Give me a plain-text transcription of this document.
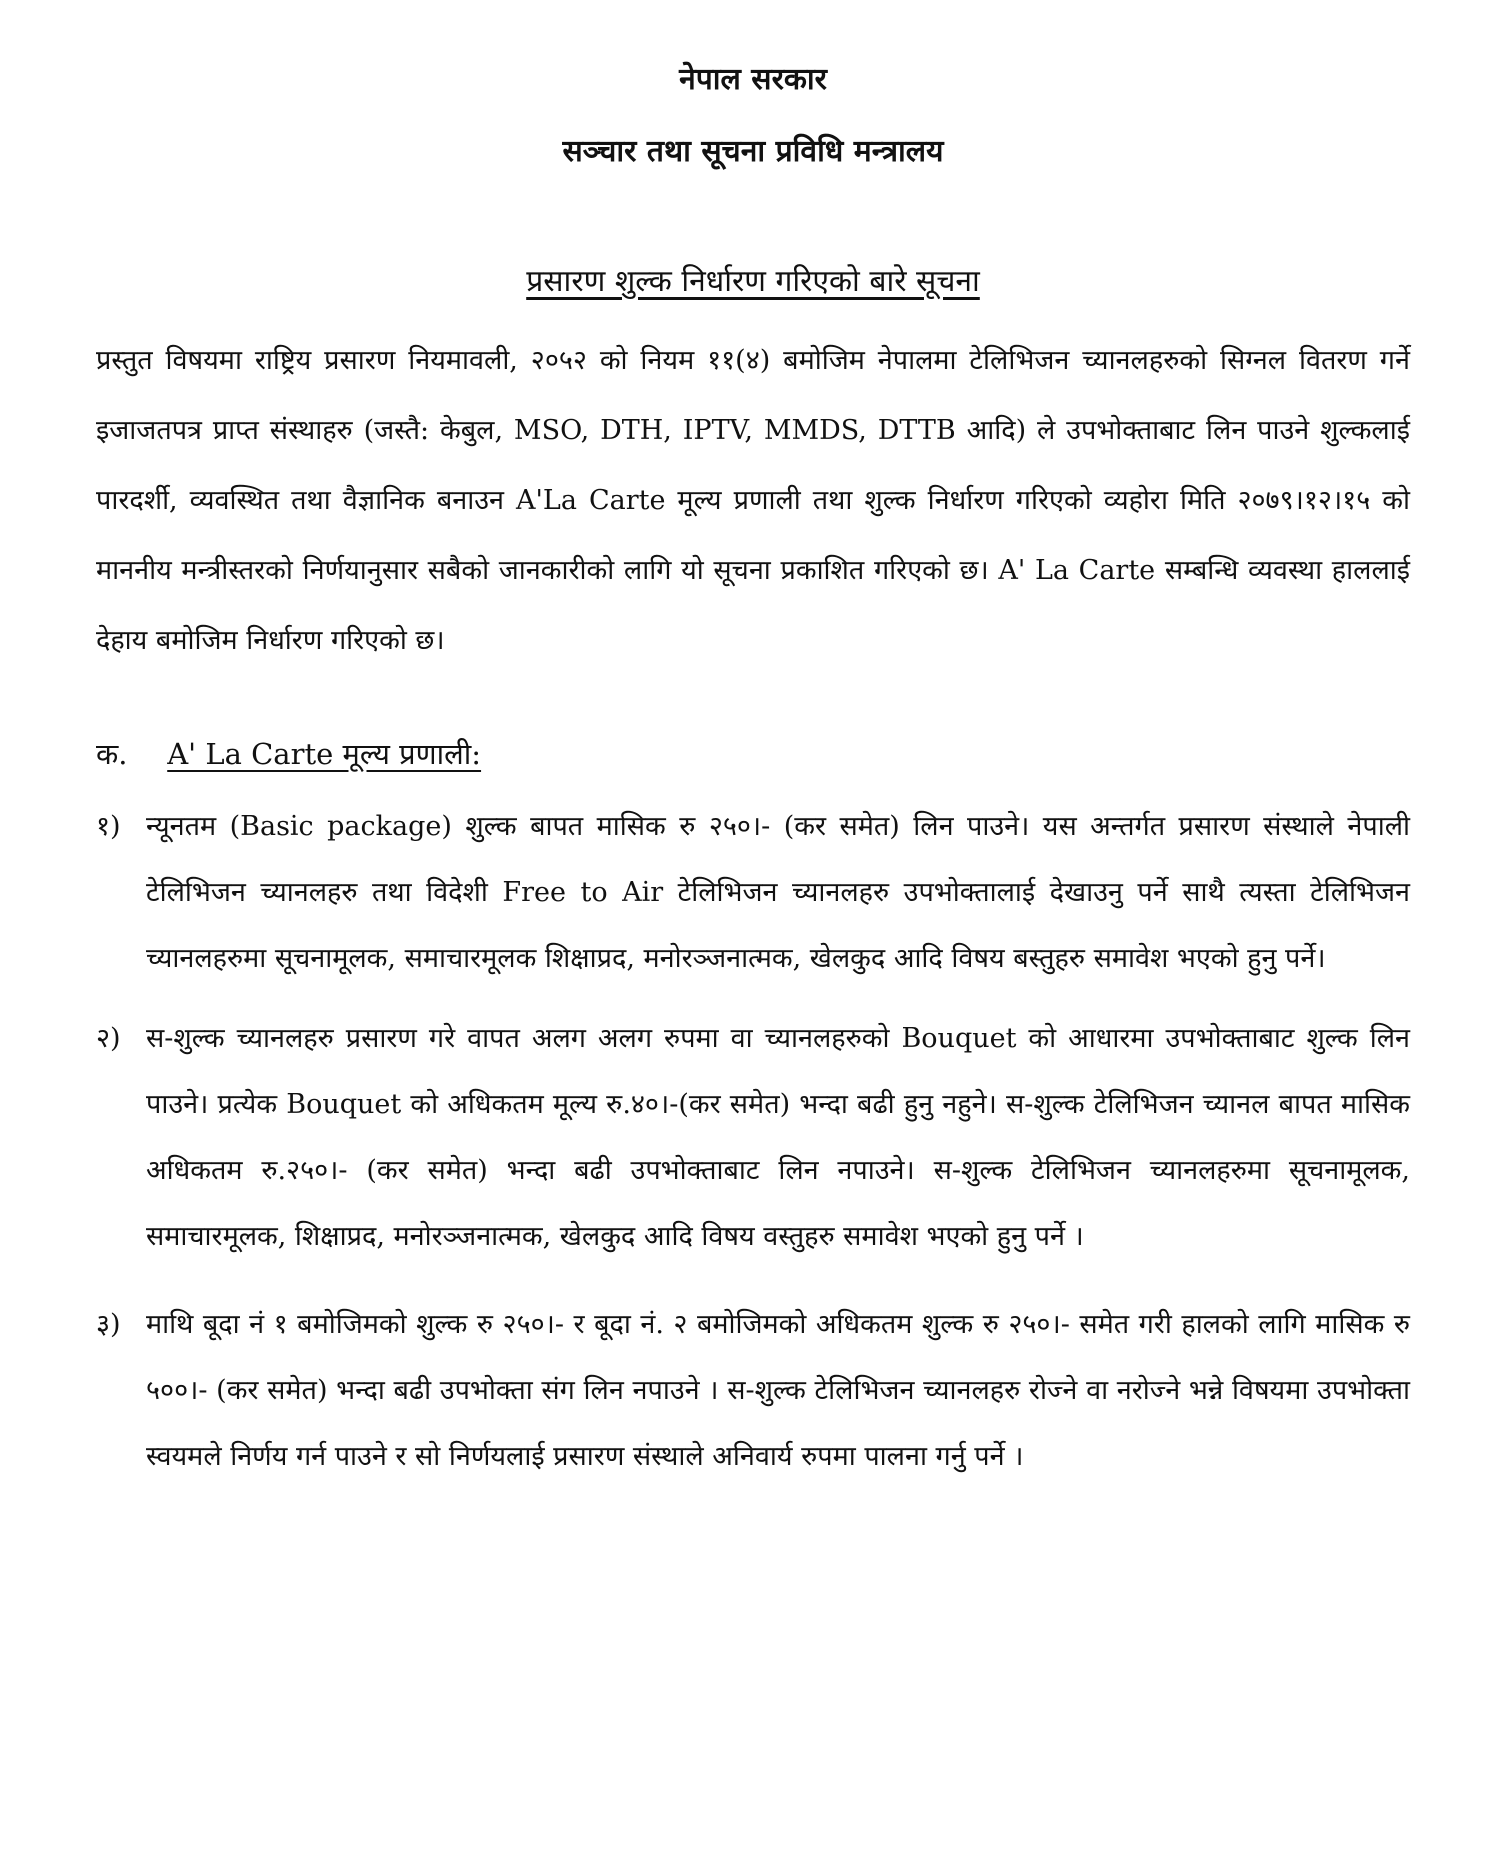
नेपाल सरकार
सञ्चार तथा सूचना प्रविधि मन्त्रालय
प्रसारण शुल्क निर्धारण गरिएको बारे सूचना

प्रस्तुत विषयमा राष्ट्रिय प्रसारण नियमावली, २०५२ को नियम ११(४) बमोजिम नेपालमा टेलिभिजन च्यानलहरुको सिग्नल वितरण गर्ने इजाजतपत्र प्राप्त संस्थाहरु (जस्तै: केबुल, MSO, DTH, IPTV, MMDS, DTTB आदि) ले उपभोक्ताबाट लिन पाउने शुल्कलाई पारदर्शी, व्यवस्थित तथा वैज्ञानिक बनाउन A'La Carte मूल्य प्रणाली तथा शुल्क निर्धारण गरिएको व्यहोरा मिति २०७९।१२।१५ को माननीय मन्त्रीस्तरको निर्णयानुसार सबैको जानकारीको लागि यो सूचना प्रकाशित गरिएको छ। A' La Carte सम्बन्धि व्यवस्था हाललाई देहाय बमोजिम निर्धारण गरिएको छ।

क. A' La Carte मूल्य प्रणाली:
१) न्यूनतम (Basic package) शुल्क बापत मासिक रु २५०।- (कर समेत) लिन पाउने। यस अन्तर्गत प्रसारण संस्थाले नेपाली टेलिभिजन च्यानलहरु तथा विदेशी Free to Air टेलिभिजन च्यानलहरु उपभोक्तालाई देखाउनु पर्ने साथै त्यस्ता टेलिभिजन च्यानलहरुमा सूचनामूलक, समाचारमूलक शिक्षाप्रद, मनोरञ्जनात्मक, खेलकुद आदि विषय बस्तुहरु समावेश भएको हुनु पर्ने।
२) स-शुल्क च्यानलहरु प्रसारण गरे वापत अलग अलग रुपमा वा च्यानलहरुको Bouquet को आधारमा उपभोक्ताबाट शुल्क लिन पाउने। प्रत्येक Bouquet को अधिकतम मूल्य रु.४०।-(कर समेत) भन्दा बढी हुनु नहुने। स-शुल्क टेलिभिजन च्यानल बापत मासिक अधिकतम रु.२५०।- (कर समेत) भन्दा बढी उपभोक्ताबाट लिन नपाउने। स-शुल्क टेलिभिजन च्यानलहरुमा सूचनामूलक, समाचारमूलक, शिक्षाप्रद, मनोरञ्जनात्मक, खेलकुद आदि विषय वस्तुहरु समावेश भएको हुनु पर्ने ।
३) माथि बूदा नं १ बमोजिमको शुल्क रु २५०।- र बूदा नं. २ बमोजिमको अधिकतम शुल्क रु २५०।- समेत गरी हालको लागि मासिक रु ५००।- (कर समेत) भन्दा बढी उपभोक्ता संग लिन नपाउने । स-शुल्क टेलिभिजन च्यानलहरु रोज्ने वा नरोज्ने भन्ने विषयमा उपभोक्ता स्वयमले निर्णय गर्न पाउने र सो निर्णयलाई प्रसारण संस्थाले अनिवार्य रुपमा पालना गर्नु पर्ने ।
